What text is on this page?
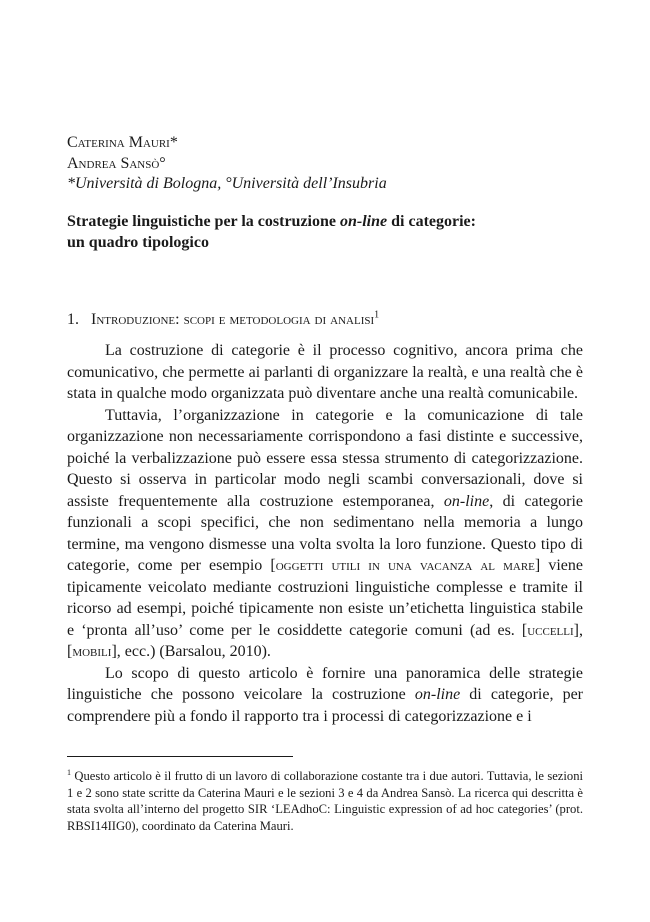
Caterina Mauri*
Andrea Sansò°
*Università di Bologna, °Università dell’Insubria
Strategie linguistiche per la costruzione on-line di categorie:
un quadro tipologico
1. Introduzione: scopi e metodologia di analisi$^1$

La costruzione di categorie è il processo cognitivo, ancora prima che comunicativo, che permette ai parlanti di organizzare la realtà, e una realtà che è stata in qualche modo organizzata può diventare anche una realtà comunicabile.

Tuttavia, l’organizzazione in categorie e la comunicazione di tale organizzazione non necessariamente corrispondono a fasi distinte e successive, poiché la verbalizzazione può essere essa stessa strumento di categorizzazione. Questo si osserva in particolar modo negli scambi conversazionali, dove si assiste frequentemente alla costruzione estemporanea, on-line, di categorie funzionali a scopi specifici, che non sedimentano nella memoria a lungo termine, ma vengono dismesse una volta svolta la loro funzione. Questo tipo di categorie, come per esempio [oggetti utili in una vacanza al mare] viene tipicamente veicolato mediante costruzioni linguistiche complesse e tramite il ricorso ad esempi, poiché tipicamente non esiste un’etichetta linguistica stabile e ‘pronta all’uso’ come per le cosiddette categorie comuni (ad es. [uccelli], [mobili], ecc.) (Barsalou, 2010).

Lo scopo di questo articolo è fornire una panoramica delle strategie linguistiche che possono veicolare la costruzione on-line di categorie, per comprendere più a fondo il rapporto tra i processi di categorizzazione e i

$^1$ Questo articolo è il frutto di un lavoro di collaborazione costante tra i due autori. Tuttavia, le sezioni 1 e 2 sono state scritte da Caterina Mauri e le sezioni 3 e 4 da Andrea Sansò. La ricerca qui descritta è stata svolta all’interno del progetto SIR ‘LEAdhoC: Linguistic expression of ad hoc categories’ (prot. RBSI14IIG0), coordinato da Caterina Mauri.
